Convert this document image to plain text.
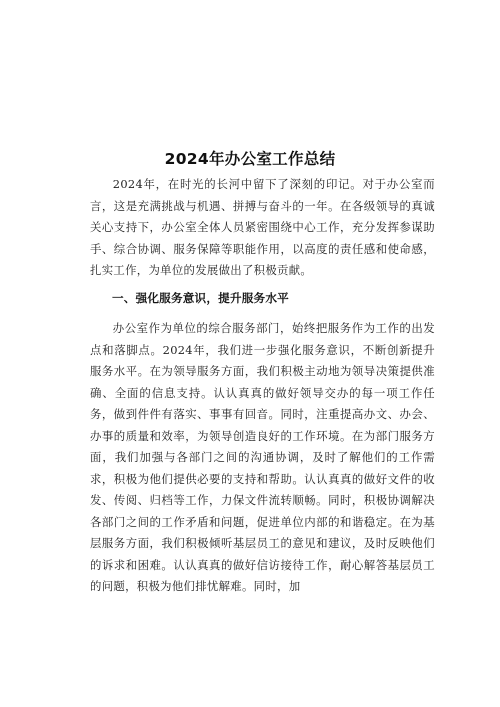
2024年办公室工作总结

2024年，在时光的长河中留下了深刻的印记。对于办公室而言，这是充满挑战与机遇、拼搏与奋斗的一年。在各级领导的真诚关心支持下，办公室全体人员紧密围绕中心工作，充分发挥参谋助手、综合协调、服务保障等职能作用，以高度的责任感和使命感，扎实工作，为单位的发展做出了积极贡献。

一、强化服务意识，提升服务水平

办公室作为单位的综合服务部门，始终把服务作为工作的出发点和落脚点。2024年，我们进一步强化服务意识，不断创新提升服务水平。在为领导服务方面，我们积极主动地为领导决策提供准确、全面的信息支持。认认真真的做好领导交办的每一项工作任务，做到件件有落实、事事有回音。同时，注重提高办文、办会、办事的质量和效率，为领导创造良好的工作环境。在为部门服务方面，我们加强与各部门之间的沟通协调，及时了解他们的工作需求，积极为他们提供必要的支持和帮助。认认真真的做好文件的收发、传阅、归档等工作，力保文件流转顺畅。同时，积极协调解决各部门之间的工作矛盾和问题，促进单位内部的和谐稳定。在为基层服务方面，我们积极倾听基层员工的意见和建议，及时反映他们的诉求和困难。认认真真的做好信访接待工作，耐心解答基层员工的问题，积极为他们排忧解难。同时，加
